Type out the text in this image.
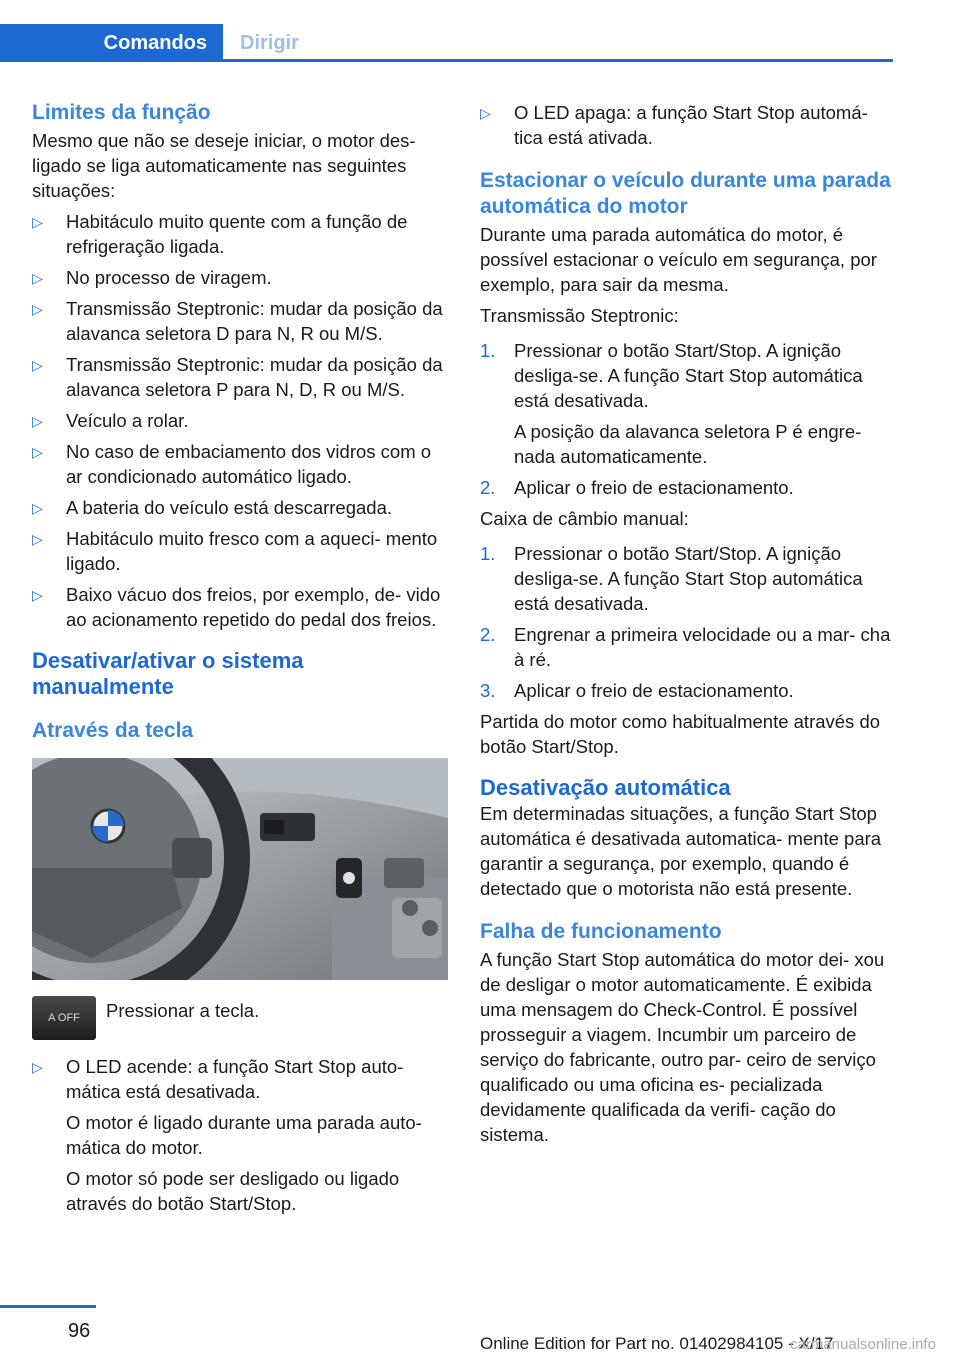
Comandos	Dirigir
Limites da função

Mesmo que não se deseje iniciar, o motor des- ligado se liga automaticamente nas seguintes situações:

▷ Habitáculo muito quente com a função de refrigeração ligada.
▷ No processo de viragem.
▷ Transmissão Steptronic: mudar da posição da alavanca seletora D para N, R ou M/S.
▷ Transmissão Steptronic: mudar da posição da alavanca seletora P para N, D, R ou M/S.
▷ Veículo a rolar.
▷ No caso de embaciamento dos vidros com o ar condicionado automático ligado.
▷ A bateria do veículo está descarregada.
▷ Habitáculo muito fresco com a aqueci- mento ligado.
▷ Baixo vácuo dos freios, por exemplo, de- vido ao acionamento repetido do pedal dos freios.
Desativar/ativar o sistema manualmente
Através da tecla
A OFF	Pressionar a tecla.
▷ O LED acende: a função Start Stop auto- mática está desativada.
O motor é ligado durante uma parada auto- mática do motor.
O motor só pode ser desligado ou ligado através do botão Start/Stop.
▷ O LED apaga: a função Start Stop automá- tica está ativada.
Estacionar o veículo durante uma parada automática do motor

Durante uma parada automática do motor, é possível estacionar o veículo em segurança, por exemplo, para sair da mesma.

Transmissão Steptronic:

1. Pressionar o botão Start/Stop. A ignição desliga-se. A função Start Stop automática está desativada.
A posição da alavanca seletora P é engre- nada automaticamente.
2. Aplicar o freio de estacionamento.

Caixa de câmbio manual:

1. Pressionar o botão Start/Stop. A ignição desliga-se. A função Start Stop automática está desativada.
2. Engrenar a primeira velocidade ou a mar- cha à ré.
3. Aplicar o freio de estacionamento.

Partida do motor como habitualmente através do botão Start/Stop.

Desativação automática

Em determinadas situações, a função Start Stop automática é desativada automatica- mente para garantir a segurança, por exemplo, quando é detectado que o motorista não está presente.

Falha de funcionamento

A função Start Stop automática do motor dei- xou de desligar o motor automaticamente. É exibida uma mensagem do Check-Control. É possível prosseguir a viagem. Incumbir um parceiro de serviço do fabricante, outro par- ceiro de serviço qualificado ou uma oficina es- pecializada devidamente qualificada da verifi- cação do sistema.

96
Online Edition for Part no. 01402984105 - X/17
carmanualsonline.info
